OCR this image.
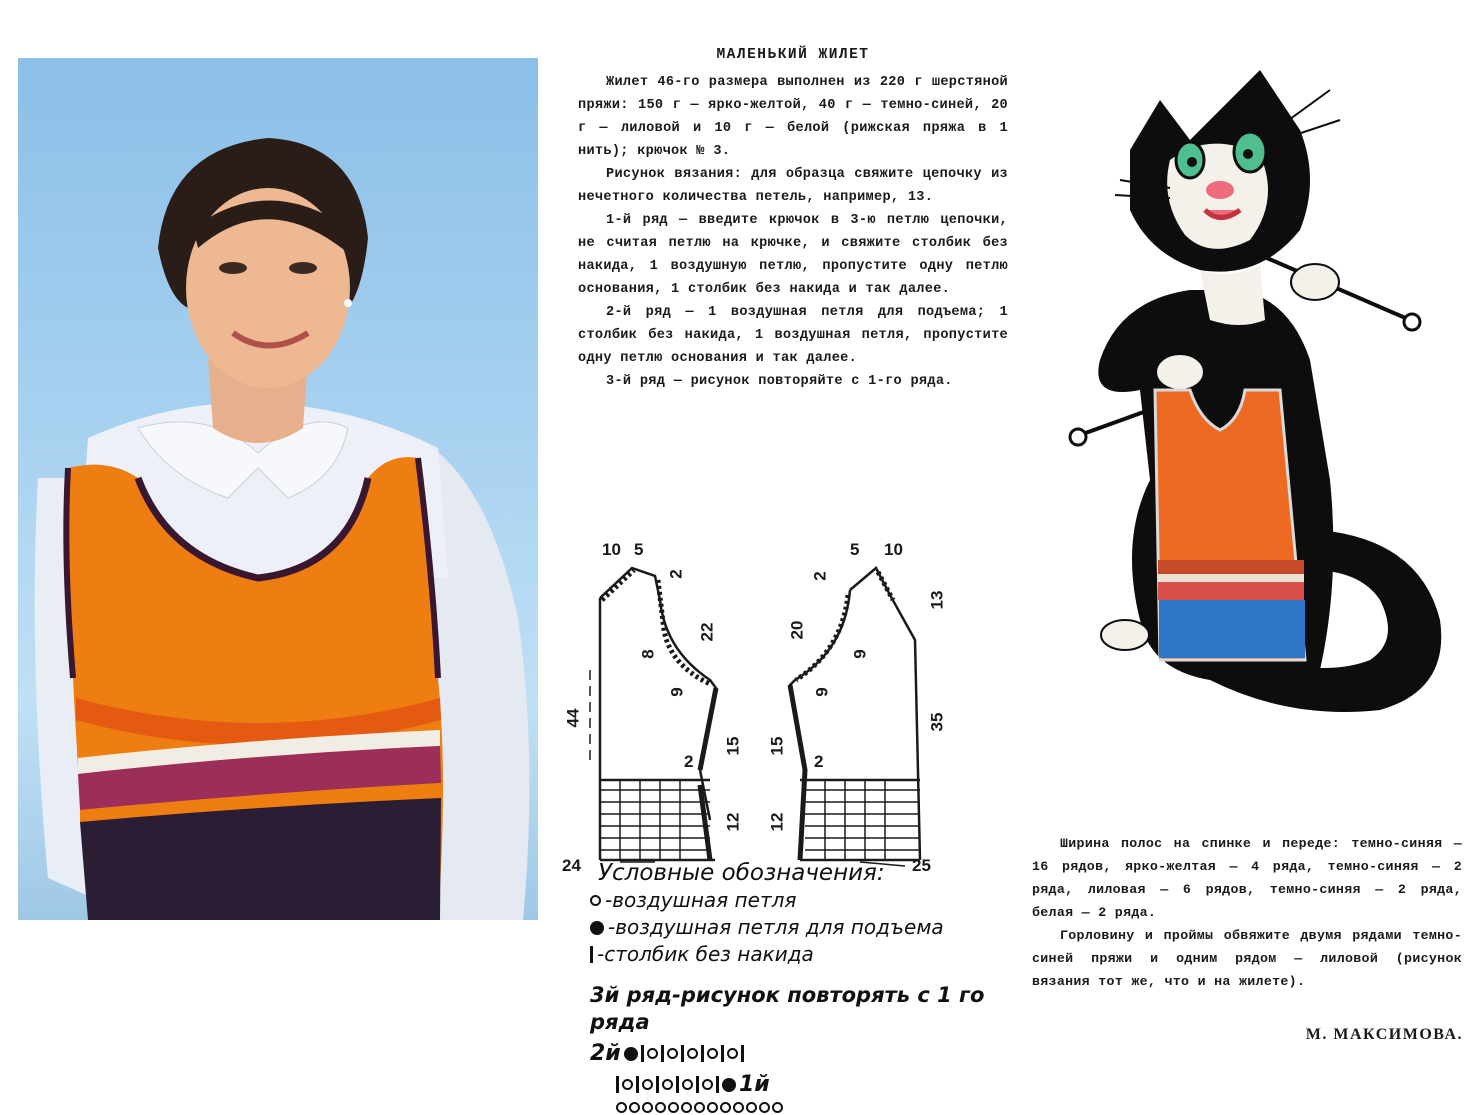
МАЛЕНЬКИЙ ЖИЛЕТ

Жилет 46-го размера выполнен из 220 г шерстяной пряжи: 150 г — ярко-желтой, 40 г — темно-синей, 20 г — лиловой и 10 г — белой (рижская пряжа в 1 нить); крючок № 3.

Рисунок вязания: для образца свяжите цепочку из нечетного количества петель, например, 13.

1-й ряд — введите крючок в 3-ю петлю цепочки, не считая петлю на крючке, и свяжите столбик без накида, 1 воздушную петлю, пропустите одну петлю основания, 1 столбик без накида и так далее.

2-й ряд — 1 воздушная петля для подъема; 1 столбик без накида, 1 воздушная петля, пропустите одну петлю основания и так далее.

3-й ряд — рисунок повторяйте с 1-го ряда.

10 5
2
22
8
9
44
2
15
12
24
5 10
2
20
9
9
13
35
15
2
12
25
Условные обозначения:
-воздушная петля
-воздушная петля для подъема
-столбик без накида
3й ряд-рисунок повторять с 1 го ряда
2й
1й

Ширина полос на спинке и переде: темно-синяя — 16 рядов, ярко-желтая — 4 ряда, темно-синяя — 2 ряда, лиловая — 6 рядов, темно-синяя — 2 ряда, белая — 2 ряда.

Горловину и проймы обвяжите двумя рядами темно-синей пряжи и одним рядом — лиловой (рисунок вязания тот же, что и на жилете).

М. МАКСИМОВА.
